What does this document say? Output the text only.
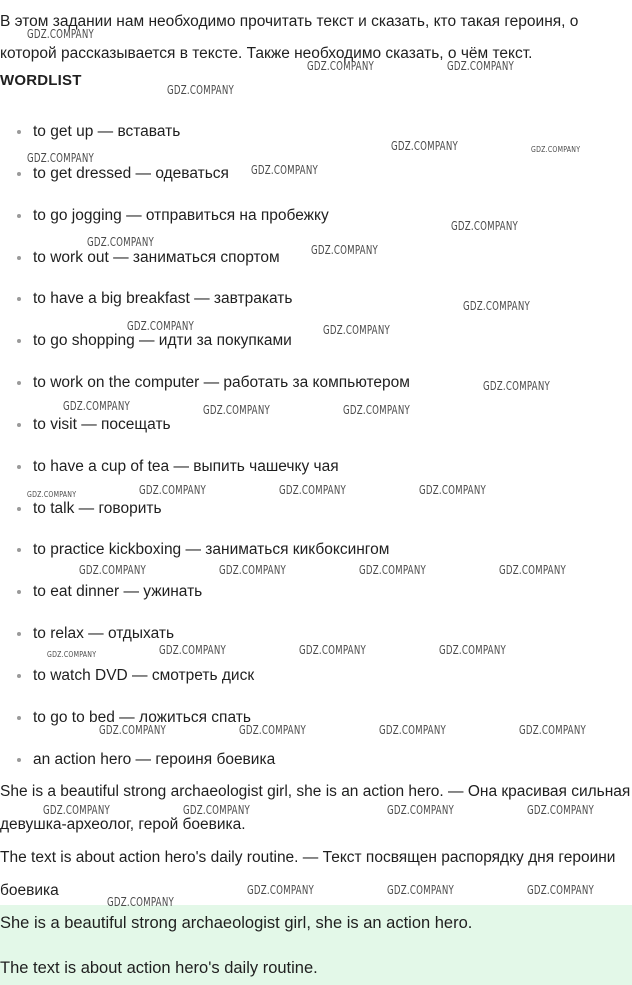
В этом задании нам необходимо прочитать текст и сказать, кто такая героиня, о которой рассказывается в тексте. Также необходимо сказать, о чём текст.

WORDLIST
to get up — вставать
to get dressed — одеваться
to go jogging — отправиться на пробежку
to work out — заниматься спортом
to have a big breakfast — завтракать
to go shopping — идти за покупками
to work on the computer — работать за компьютером
to visit — посещать
to have a cup of tea — выпить чашечку чая
to talk — говорить
to practice kickboxing — заниматься кикбоксингом
to eat dinner — ужинать
to relax — отдыхать
to watch DVD — смотреть диск
to go to bed — ложиться спать
an action hero — героиня боевика

She is a beautiful strong archaeologist girl, she is an action hero. — Она красивая сильная девушка-археолог, герой боевика.

The text is about action hero's daily routine. — Текст посвящен распорядку дня героини боевика

She is a beautiful strong archaeologist girl, she is an action hero.

The text is about action hero's daily routine.

GDZ.COMPANY
GDZ.COMPANY	GDZ.COMPANY
GDZ.COMPANY
GDZ.COMPANY	GDZ.COMPANY
GDZ.COMPANY
GDZ.COMPANY
GDZ.COMPANY
GDZ.COMPANY
GDZ.COMPANY
GDZ.COMPANY
GDZ.COMPANY	GDZ.COMPANY
GDZ.COMPANY
GDZ.COMPANY	GDZ.COMPANY	GDZ.COMPANY
GDZ.COMPANY	GDZ.COMPANY	GDZ.COMPANY	GDZ.COMPANY
GDZ.COMPANY	GDZ.COMPANY	GDZ.COMPANY	GDZ.COMPANY
GDZ.COMPANY	GDZ.COMPANY	GDZ.COMPANY	GDZ.COMPANY
GDZ.COMPANY	GDZ.COMPANY	GDZ.COMPANY	GDZ.COMPANY
GDZ.COMPANY	GDZ.COMPANY	GDZ.COMPANY	GDZ.COMPANY
GDZ.COMPANY	GDZ.COMPANY	GDZ.COMPANY
GDZ.COMPANY
